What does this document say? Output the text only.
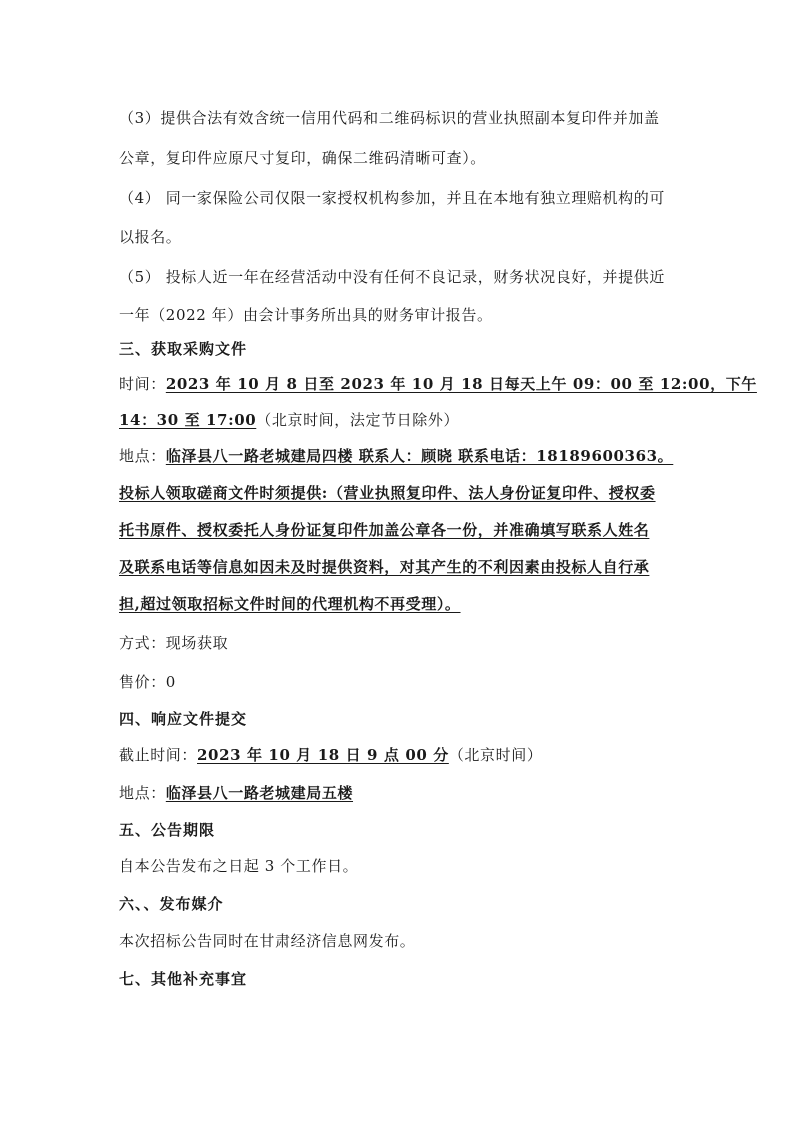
（3）提供合法有效含统一信用代码和二维码标识的营业执照副本复印件并加盖
公章，复印件应原尺寸复印，确保二维码清晰可查）。
（4） 同一家保险公司仅限一家授权机构参加，并且在本地有独立理赔机构的可
以报名。
（5） 投标人近一年在经营活动中没有任何不良记录，财务状况良好，并提供近
一年（2022 年）由会计事务所出具的财务审计报告。
三、获取采购文件
时间：2023 年 10 月 8 日至 2023 年 10 月 18 日每天上午 09：00 至 12:00，下午
14：30 至 17:00（北京时间，法定节日除外）
地点：临泽县八一路老城建局四楼 联系人：顾晓 联系电话：18189600363。
投标人领取磋商文件时须提供:（营业执照复印件、法人身份证复印件、授权委
托书原件、授权委托人身份证复印件加盖公章各一份，并准确填写联系人姓名
及联系电话等信息如因未及时提供资料，对其产生的不利因素由投标人自行承
担,超过领取招标文件时间的代理机构不再受理）。
方式：现场获取
售价：0
四、响应文件提交
截止时间：2023 年 10 月 18 日 9 点 00 分（北京时间）
地点：临泽县八一路老城建局五楼
五、公告期限
自本公告发布之日起 3 个工作日。
六、、发布媒介
本次招标公告同时在甘肃经济信息网发布。
七、其他补充事宜
